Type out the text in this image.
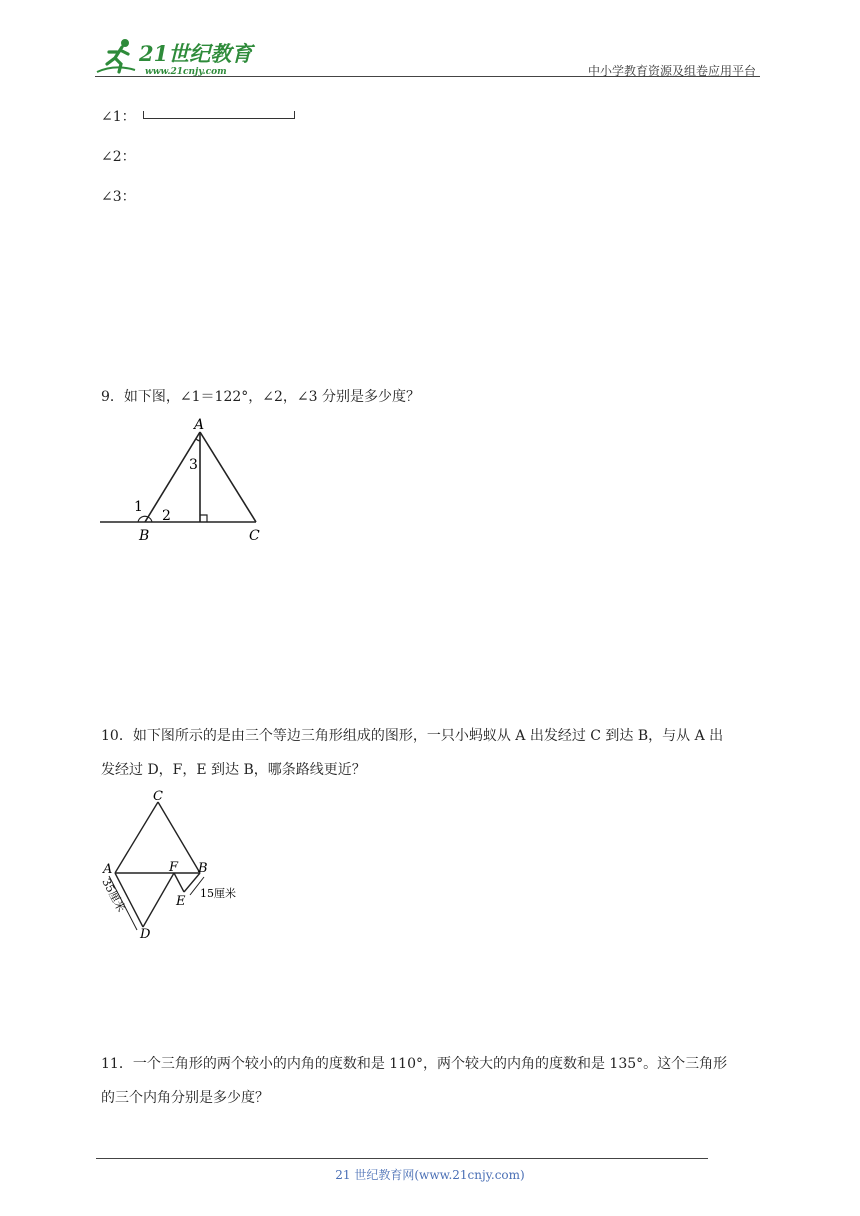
21世纪教育
www.21cnjy.com	中小学教育资源及组卷应用平台
∠1：
∠2：
∠3：
9．如下图，∠1＝122°，∠2，∠3 分别是多少度？
A
B	C
1
2
3
10．如下图所示的是由三个等边三角形组成的图形，一只小蚂蚁从 A 出发经过 C 到达 B，与从 A 出
发经过 D，F，E 到达 B，哪条路线更近？
C
A	F B
E
D
35厘米	15厘米
11．一个三角形的两个较小的内角的度数和是 110°，两个较大的内角的度数和是 135°。这个三角形
的三个内角分别是多少度？
21 世纪教育网(www.21cnjy.com)
